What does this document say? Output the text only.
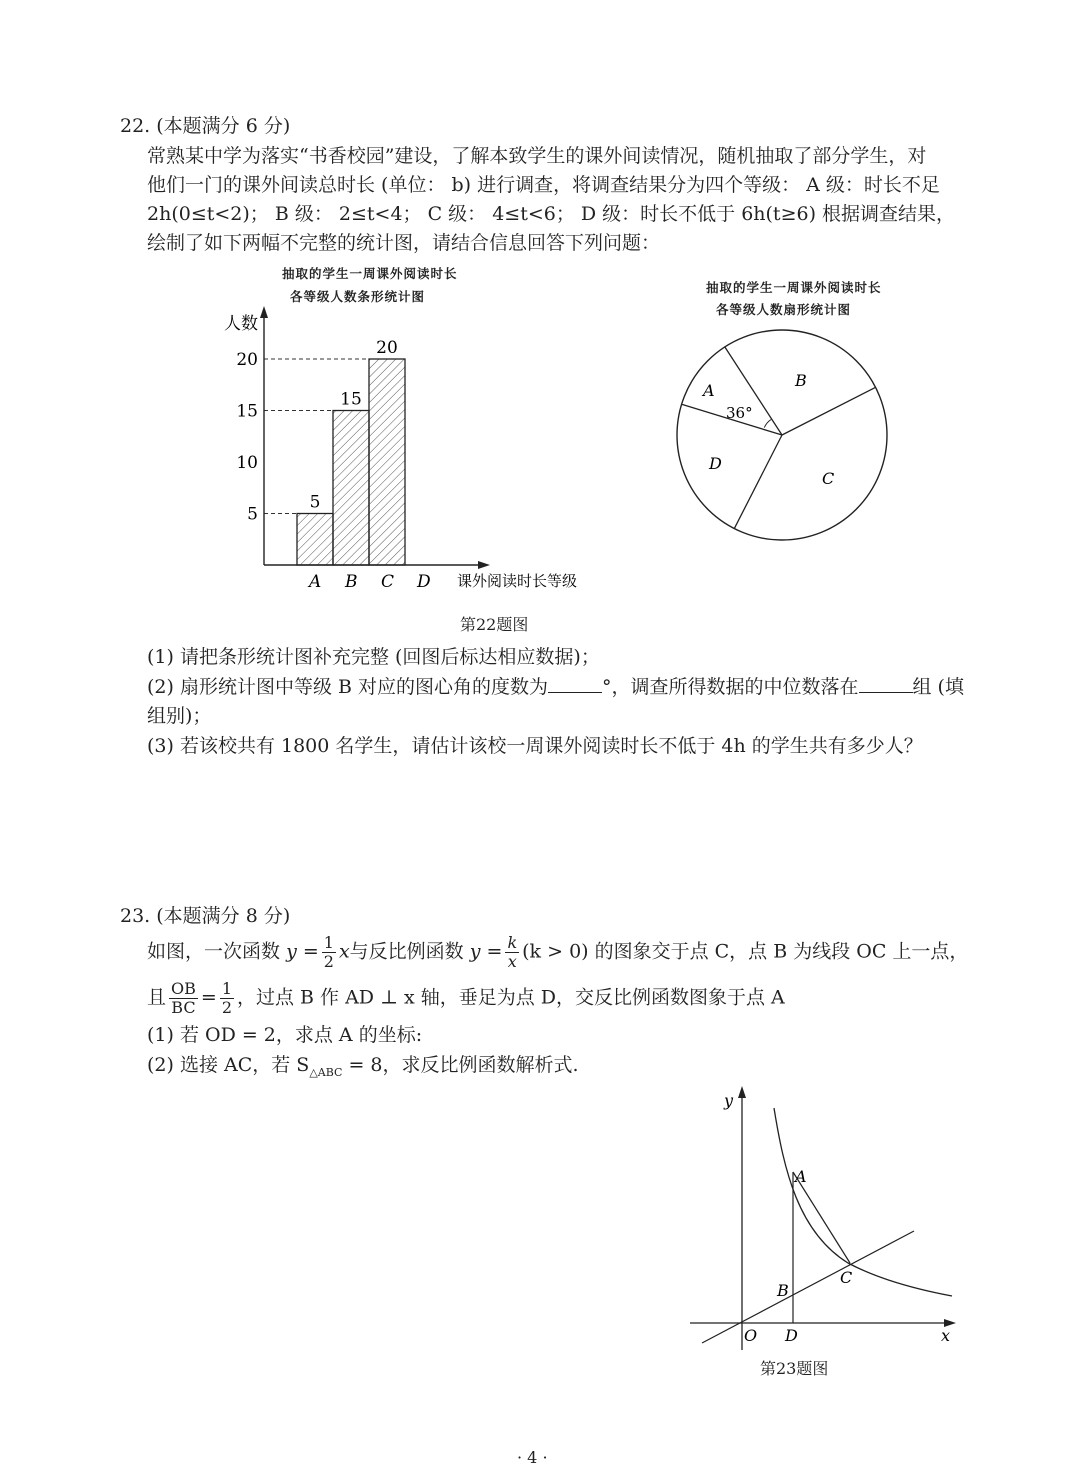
22. (本题满分 6 分)
常熟某中学为落实“书香校园”建设，了解本致学生的课外间读情况，随机抽取了部分学生，对
他们一门的课外间读总时长 (单位： b) 进行调查，将调查结果分为四个等级： A 级：时长不足
2h(0≤t<2)； B 级： 2≤t<4； C 级： 4≤t<6； D 级：时长不低于 6h(t≥6) 根据调查结果，
绘制了如下两幅不完整的统计图，请结合信息回答下列问题：
抽取的学生一周课外阅读时长
各等级人数条形统计图
抽取的学生一周课外阅读时长
各等级人数扇形统计图
5
15
20
人数
课外阅读时长等级
5
10
15
20
A B C D
A
B
C
D
36°
第22题图
(1) 请把条形统计图补充完整 (回图后标达相应数据)；
(2) 扇形统计图中等级 B 对应的图心角的度数为	°，调查所得数据的中位数落在	组 (填
组别)；
(3) 若该校共有 1800 名学生，请估计该校一周课外阅读时长不低于 4h 的学生共有多少人？
23. (本题满分 8 分)
如图，一次函数 $y = \frac{1}{2}$ x与反比例函数 $y = \frac{k}{x} (k > 0)$ 的图象交于点 C，点 B 为线段 OC 上一点，
且 $\frac{OB}{BC} = \frac{1}{2}$ ，过点 B 作 AD ⊥ x 轴，垂足为点 D，交反比例函数图象于点 A
(1) 若 OD = 2，求点 A 的坐标:
(2) 选接 AC，若 $S_{\triangle ABC} = 8$，求反比例函数解析式.
y
x
O D
A
B
C
第23题图
· 4 ·
